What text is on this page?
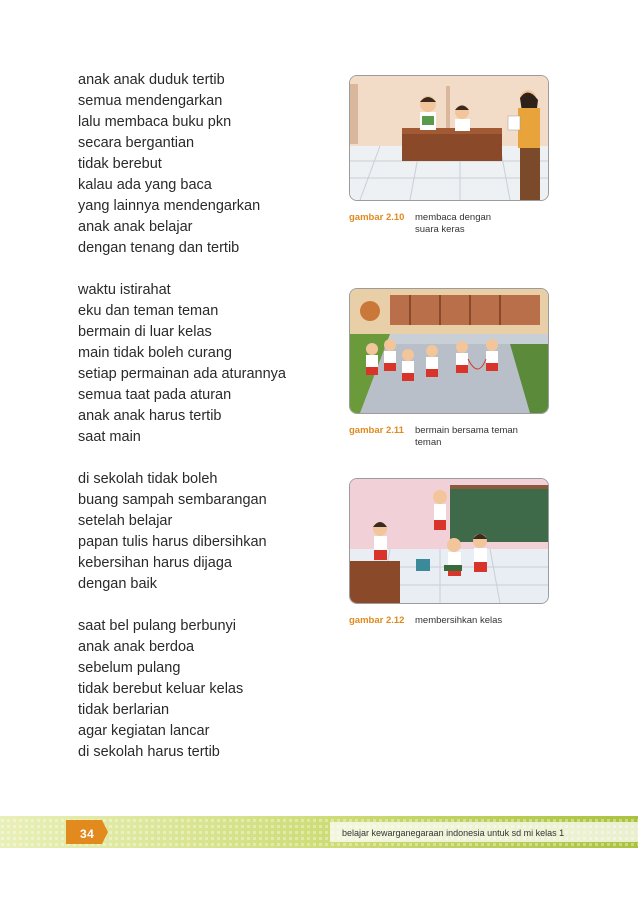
anak anak duduk tertib
semua mendengarkan
lalu membaca buku pkn
secara bergantian
tidak berebut
kalau ada yang baca
yang lainnya mendengarkan
anak anak belajar
dengan tenang dan tertib
waktu istirahat
eku dan teman teman
bermain di luar kelas
main tidak boleh curang
setiap permainan ada aturannya
semua taat pada aturan
anak anak harus tertib
saat main
di sekolah tidak boleh
buang sampah sembarangan
setelah belajar
papan tulis harus dibersihkan
kebersihan harus dijaga
dengan baik
saat bel pulang berbunyi
anak anak berdoa
sebelum pulang
tidak berebut keluar kelas
tidak berlarian
agar kegiatan lancar
di sekolah harus tertib
gambar 2.10	membaca dengan
suara keras
gambar 2.11	bermain bersama teman
teman
gambar 2.12	membersihkan kelas
34	belajar kewarganegaraan indonesia untuk sd mi kelas 1
